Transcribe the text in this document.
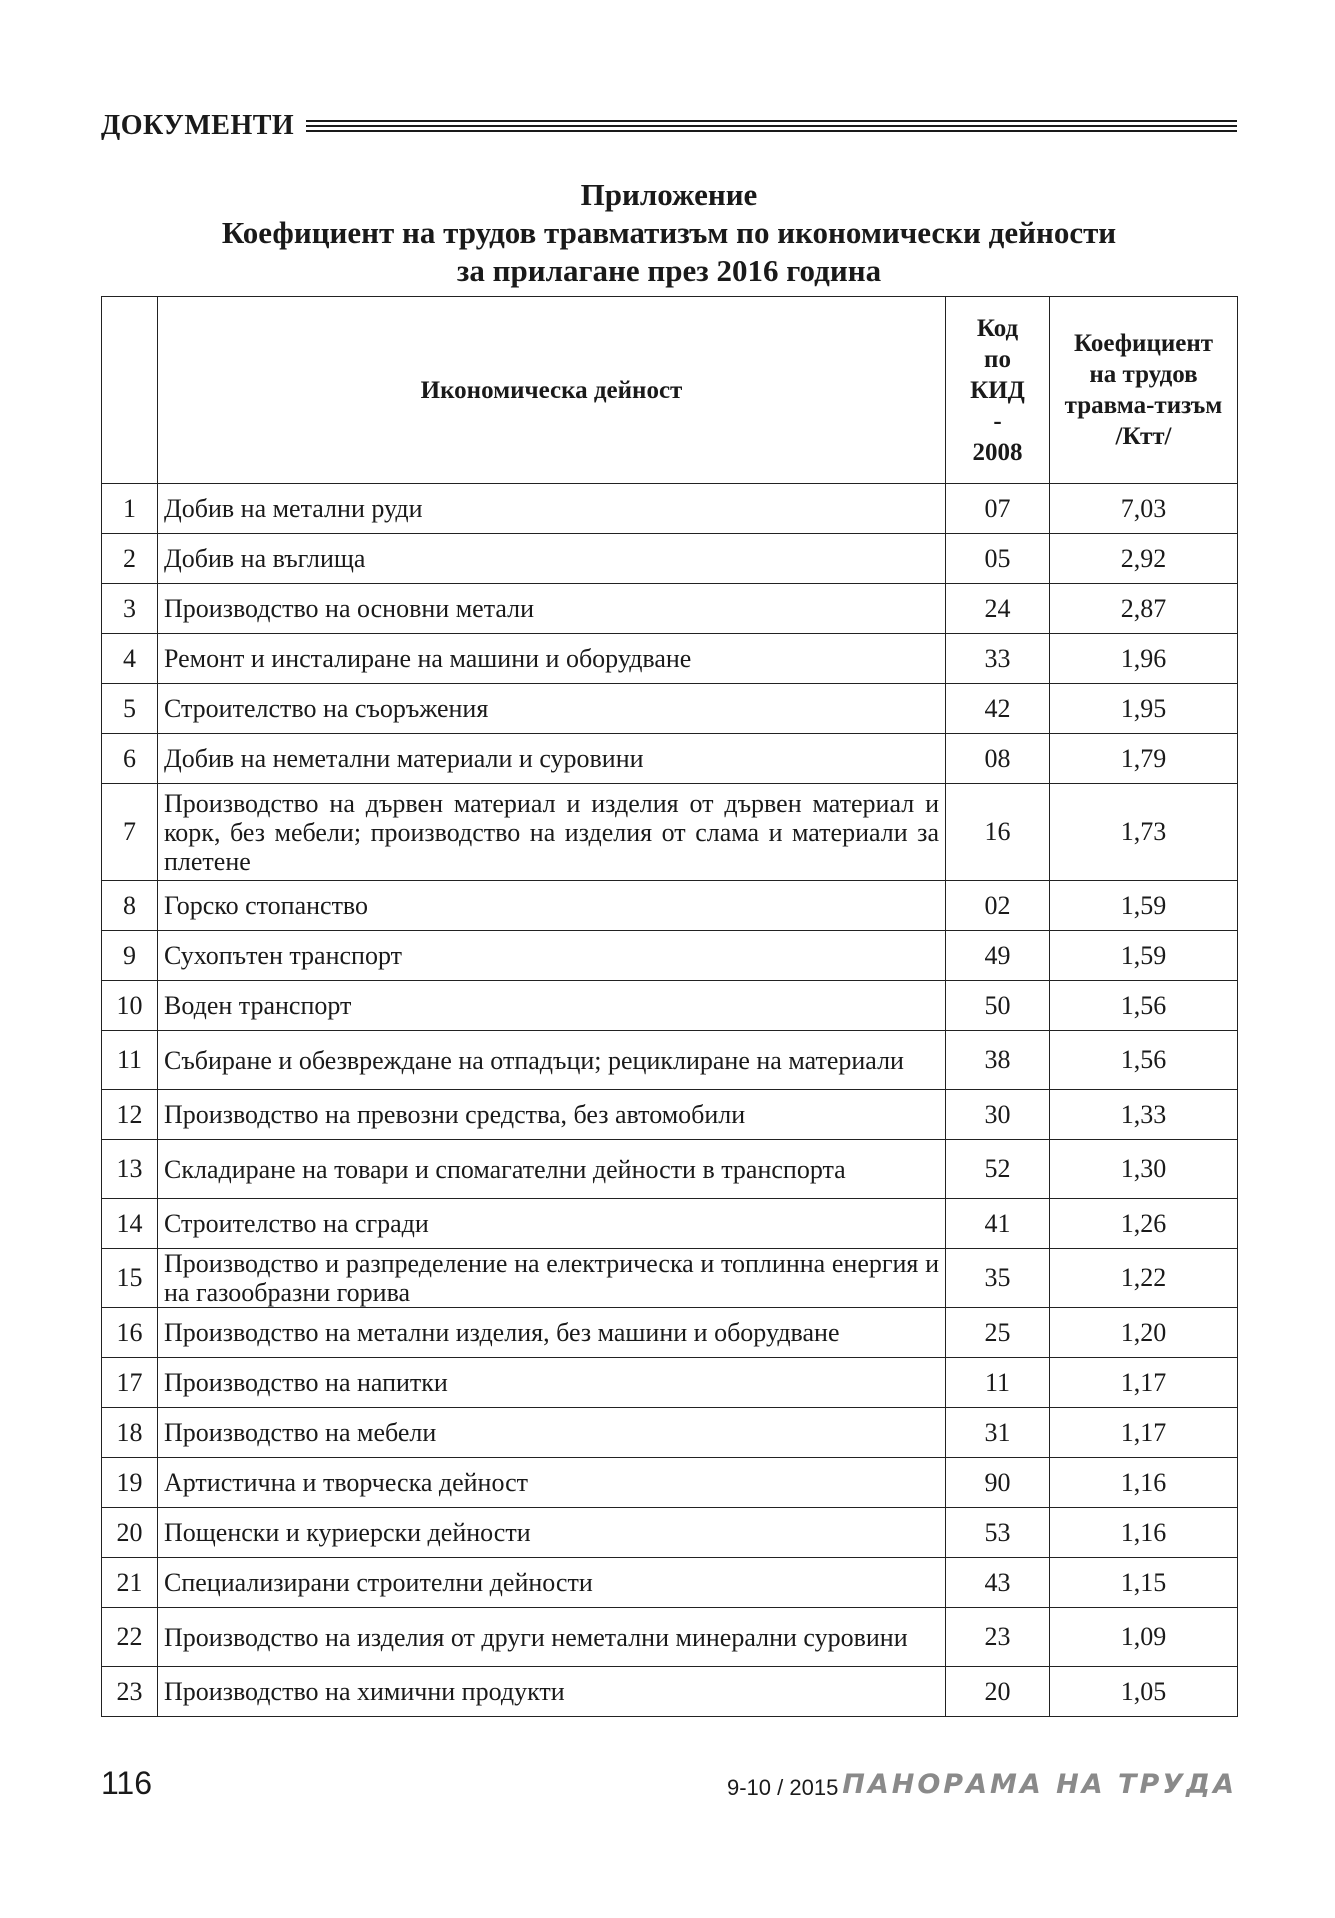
ДОКУМЕНТИ
Приложение
Коефициент на трудов травматизъм по икономически дейности
за прилагане през 2016 година
	Икономическа дейност	Код по КИД - 2008	Коефициент на трудов травма-тизъм /Ктт/
1	Добив на метални руди	07	7,03
2	Добив на въглища	05	2,92
3	Производство на основни метали	24	2,87
4	Ремонт и инсталиране на машини и оборудване	33	1,96
5	Строителство на съоръжения	42	1,95
6	Добив на неметални материали и суровини	08	1,79
7	Производство на дървен материал и изделия от дървен материал и корк, без мебели; производство на изделия от слама и материали за плетене	16	1,73
8	Горско стопанство	02	1,59
9	Сухопътен транспорт	49	1,59
10	Воден транспорт	50	1,56
11	Събиране и обезвреждане на отпадъци; рециклиране на материали	38	1,56
12	Производство на превозни средства, без автомобили	30	1,33
13	Складиране на товари и спомагателни дейности в транспорта	52	1,30
14	Строителство на сгради	41	1,26
15	Производство и разпределение на електрическа и топлинна енергия и на газообразни горива	35	1,22
16	Производство на метални изделия, без машини и оборудване	25	1,20
17	Производство на напитки	11	1,17
18	Производство на мебели	31	1,17
19	Артистична и творческа дейност	90	1,16
20	Пощенски и куриерски дейности	53	1,16
21	Специализирани строителни дейности	43	1,15
22	Производство на изделия от други неметални минерални суровини	23	1,09
23	Производство на химични продукти	20	1,05
116	9-10 / 2015 ПАНОРАМА НА ТРУДА
